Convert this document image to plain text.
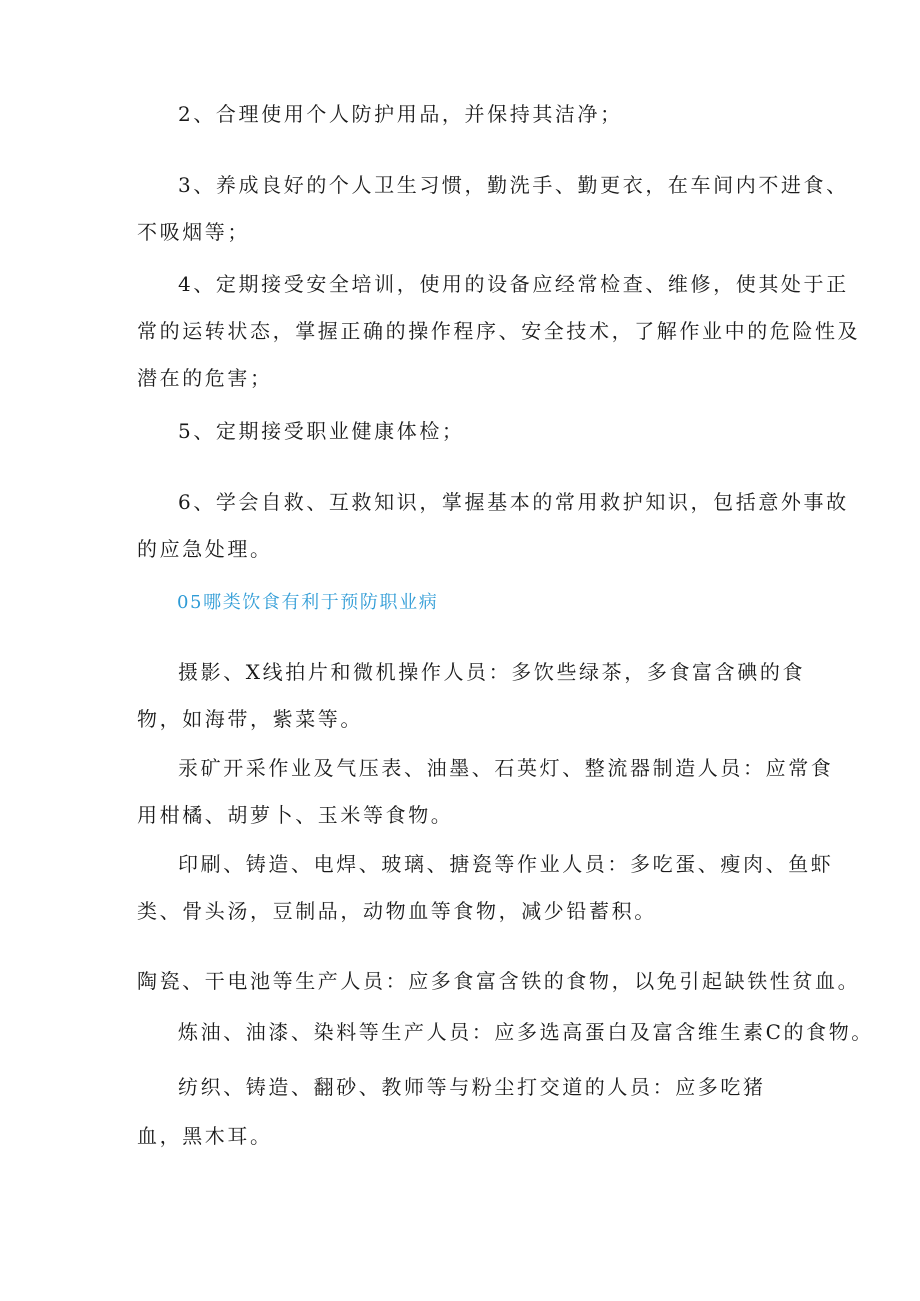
2、合理使用个人防护用品，并保持其洁净；
3、养成良好的个人卫生习惯，勤洗手、勤更衣，在车间内不进食、
不吸烟等；
4、定期接受安全培训，使用的设备应经常检查、维修，使其处于正
常的运转状态，掌握正确的操作程序、安全技术，了解作业中的危险性及
潜在的危害；
5、定期接受职业健康体检；
6、学会自救、互救知识，掌握基本的常用救护知识，包括意外事故
的应急处理。
05哪类饮食有利于预防职业病
摄影、X线拍片和微机操作人员：多饮些绿茶，多食富含碘的食
物，如海带，紫菜等。
汞矿开采作业及气压表、油墨、石英灯、整流器制造人员：应常食
用柑橘、胡萝卜、玉米等食物。
印刷、铸造、电焊、玻璃、搪瓷等作业人员：多吃蛋、瘦肉、鱼虾
类、骨头汤，豆制品，动物血等食物，减少铅蓄积。
陶瓷、干电池等生产人员：应多食富含铁的食物，以免引起缺铁性贫血。
炼油、油漆、染料等生产人员：应多选高蛋白及富含维生素C的食物。
纺织、铸造、翻砂、教师等与粉尘打交道的人员：应多吃猪
血，黑木耳。
